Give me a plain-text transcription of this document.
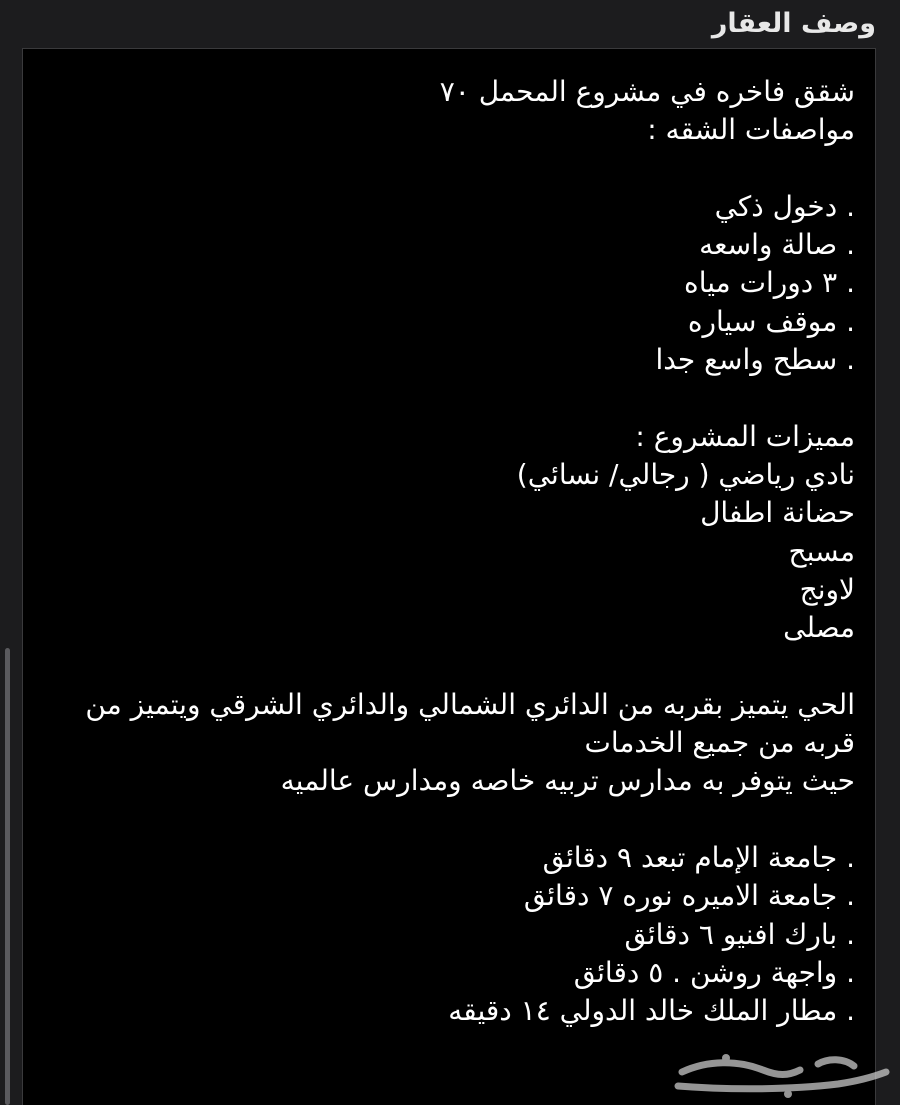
وصف العقار
شقق فاخره في مشروع المحمل ٧٠
مواصفات الشقه :
. دخول ذكي
. صالة واسعه
. ٣ دورات مياه
. موقف سياره
. سطح واسع جدا
مميزات المشروع :
نادي رياضي ( رجالي/ نسائي)
حضانة اطفال
مسبح
لاونج
مصلى
الحي يتميز بقربه من الدائري الشمالي والدائري الشرقي ويتميز من قربه من جميع الخدمات
حيث يتوفر به مدارس تربيه خاصه ومدارس عالميه
. جامعة الإمام تبعد ٩ دقائق
. جامعة الاميره نوره ٧ دقائق
. بارك افنيو ٦ دقائق
. واجهة روشن . ٥ دقائق
. مطار الملك خالد الدولي ١٤ دقيقه
